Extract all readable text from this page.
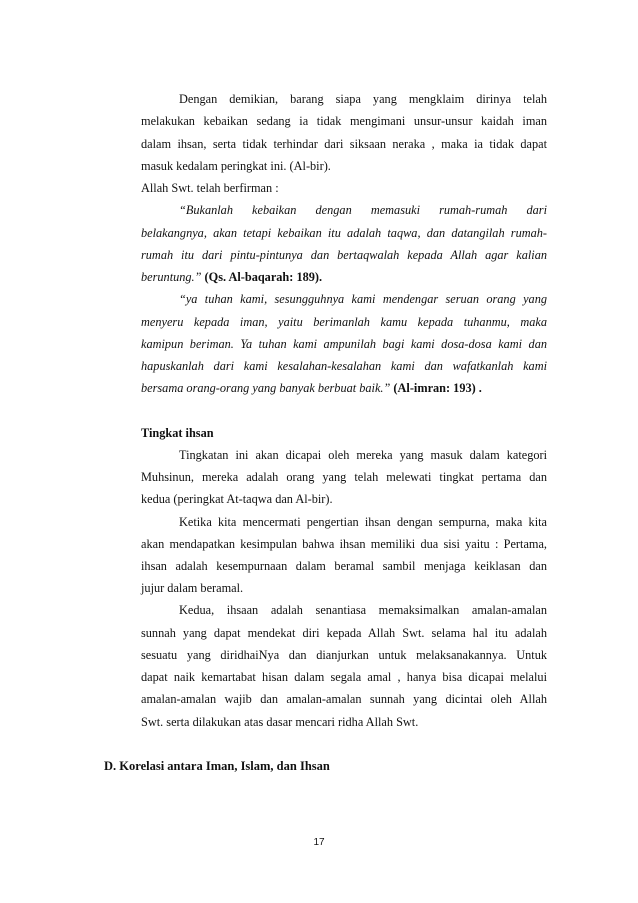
Dengan demikian, barang siapa yang mengklaim dirinya telah
melakukan kebaikan sedang ia tidak mengimani unsur-unsur kaidah iman
dalam ihsan, serta tidak terhindar dari siksaan neraka , maka ia tidak dapat
masuk kedalam peringkat ini. (Al-bir).
Allah Swt. telah berfirman :
“Bukanlah kebaikan dengan memasuki rumah-rumah dari
belakangnya, akan tetapi kebaikan itu adalah taqwa, dan datangilah rumah-
rumah itu dari pintu-pintunya dan bertaqwalah kepada Allah agar kalian
beruntung.” (Qs. Al-baqarah: 189).
“ya tuhan kami, sesungguhnya kami mendengar seruan orang yang
menyeru kepada iman, yaitu berimanlah kamu kepada tuhanmu, maka
kamipun beriman. Ya tuhan kami ampunilah bagi kami dosa-dosa kami dan
hapuskanlah dari kami kesalahan-kesalahan kami dan wafatkanlah kami
bersama orang-orang yang banyak berbuat baik.” (Al-imran: 193) .
Tingkat ihsan
Tingkatan ini akan dicapai oleh mereka yang masuk dalam kategori
Muhsinun, mereka adalah orang yang telah melewati tingkat pertama dan
kedua (peringkat At-taqwa dan Al-bir).
Ketika kita mencermati pengertian ihsan dengan sempurna, maka kita
akan mendapatkan kesimpulan bahwa ihsan memiliki dua sisi yaitu : Pertama,
ihsan adalah kesempurnaan dalam beramal sambil menjaga keiklasan dan
jujur dalam beramal.
Kedua, ihsaan adalah senantiasa memaksimalkan amalan-amalan
sunnah yang dapat mendekat diri kepada Allah Swt. selama hal itu adalah
sesuatu yang diridhaiNya dan dianjurkan untuk melaksanakannya. Untuk
dapat naik kemartabat hisan dalam segala amal , hanya bisa dicapai melalui
amalan-amalan wajib dan amalan-amalan sunnah yang dicintai oleh Allah
Swt. serta dilakukan atas dasar mencari ridha Allah Swt.
D. Korelasi antara Iman, Islam, dan Ihsan
17
